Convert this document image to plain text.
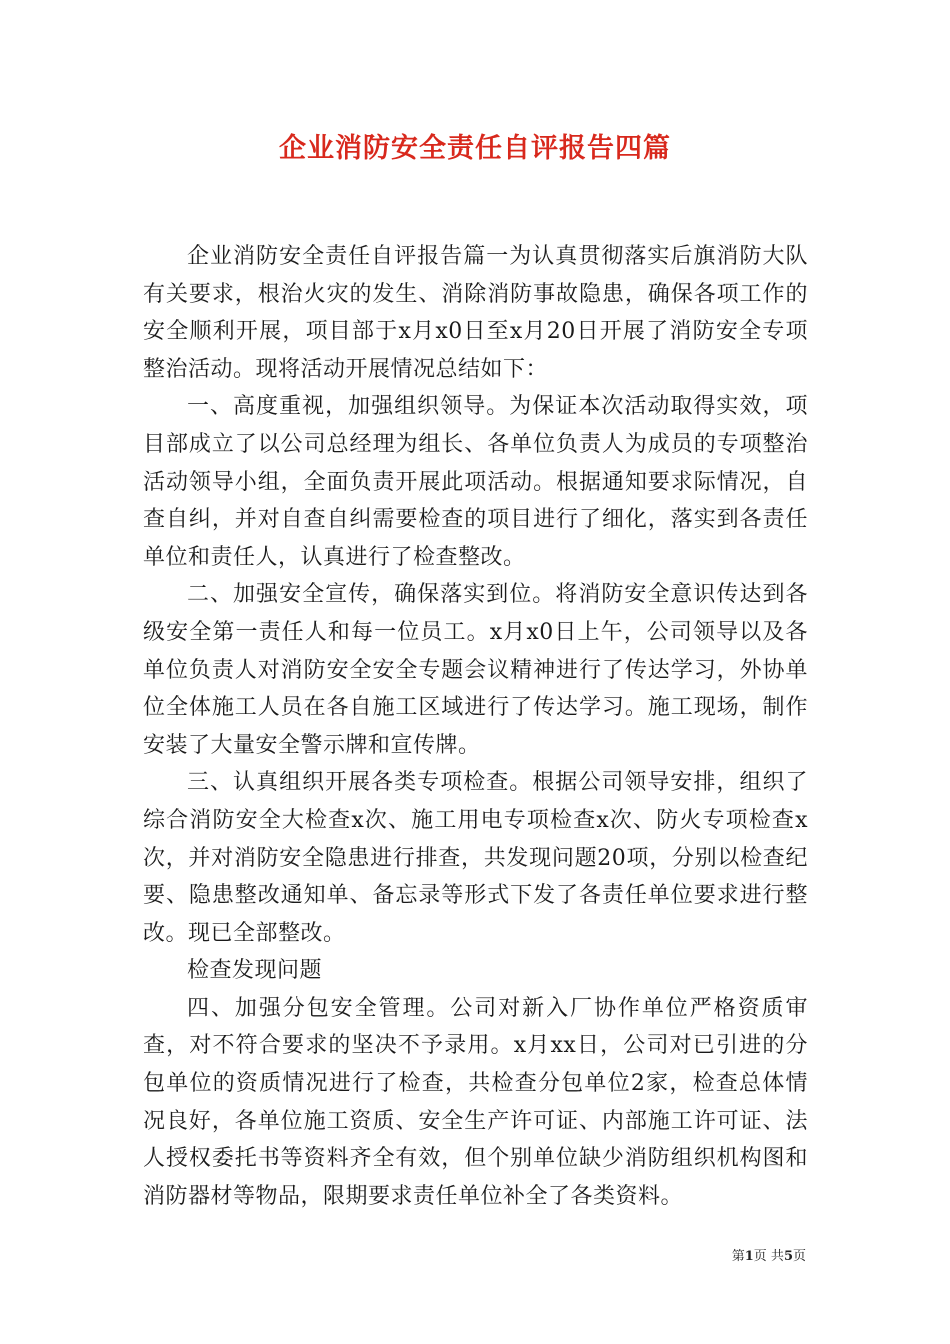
企业消防安全责任自评报告四篇

企业消防安全责任自评报告篇一为认真贯彻落实后旗消防大队有关要求，根治火灾的发生、消除消防事故隐患，确保各项工作的安全顺利开展，项目部于x月x0日至x月20日开展了消防安全专项整治活动。现将活动开展情况总结如下：

一、高度重视，加强组织领导。为保证本次活动取得实效，项目部成立了以公司总经理为组长、各单位负责人为成员的专项整治活动领导小组，全面负责开展此项活动。根据通知要求际情况，自查自纠，并对自查自纠需要检查的项目进行了细化，落实到各责任单位和责任人，认真进行了检查整改。

二、加强安全宣传，确保落实到位。将消防安全意识传达到各级安全第一责任人和每一位员工。x月x0日上午，公司领导以及各单位负责人对消防安全安全专题会议精神进行了传达学习，外协单位全体施工人员在各自施工区域进行了传达学习。施工现场，制作安装了大量安全警示牌和宣传牌。

三、认真组织开展各类专项检查。根据公司领导安排，组织了综合消防安全大检查x次、施工用电专项检查x次、防火专项检查x次，并对消防安全隐患进行排查，共发现问题20项，分别以检查纪要、隐患整改通知单、备忘录等形式下发了各责任单位要求进行整改。现已全部整改。

检查发现问题

四、加强分包安全管理。公司对新入厂协作单位严格资质审查，对不符合要求的坚决不予录用。x月xx日，公司对已引进的分包单位的资质情况进行了检查，共检查分包单位2家，检查总体情况良好，各单位施工资质、安全生产许可证、内部施工许可证、法人授权委托书等资料齐全有效，但个别单位缺少消防组织机构图和消防器材等物品，限期要求责任单位补全了各类资料。

第1页 共5页
